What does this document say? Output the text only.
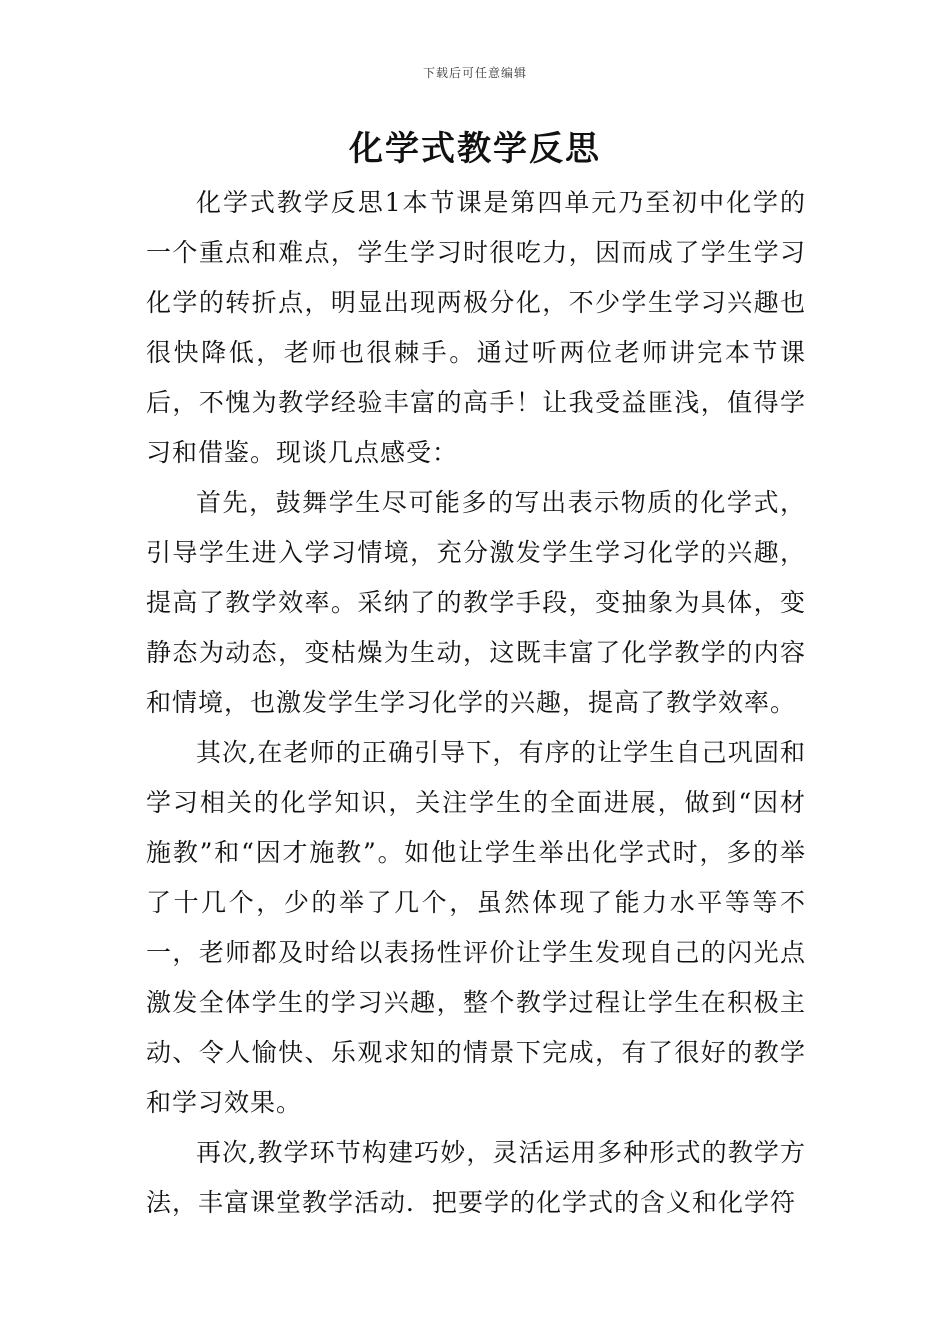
下载后可任意编辑
化学式教学反思

化学式教学反思1本节课是第四单元乃至初中化学的一个重点和难点，学生学习时很吃力，因而成了学生学习化学的转折点，明显出现两极分化，不少学生学习兴趣也很快降低，老师也很棘手。通过听两位老师讲完本节课后，不愧为教学经验丰富的高手！让我受益匪浅，值得学习和借鉴。现谈几点感受：

首先，鼓舞学生尽可能多的写出表示物质的化学式，引导学生进入学习情境，充分激发学生学习化学的兴趣，提高了教学效率。采纳了的教学手段，变抽象为具体，变静态为动态，变枯燥为生动，这既丰富了化学教学的内容和情境，也激发学生学习化学的兴趣，提高了教学效率。

其次,在老师的正确引导下，有序的让学生自己巩固和学习相关的化学知识，关注学生的全面进展，做到“因材施教”和“因才施教”。如他让学生举出化学式时，多的举了十几个，少的举了几个，虽然体现了能力水平等等不一，老师都及时给以表扬性评价让学生发现自己的闪光点激发全体学生的学习兴趣，整个教学过程让学生在积极主动、令人愉快、乐观求知的情景下完成，有了很好的教学和学习效果。

再次,教学环节构建巧妙，灵活运用多种形式的教学方法，丰富课堂教学活动．把要学的化学式的含义和化学符
